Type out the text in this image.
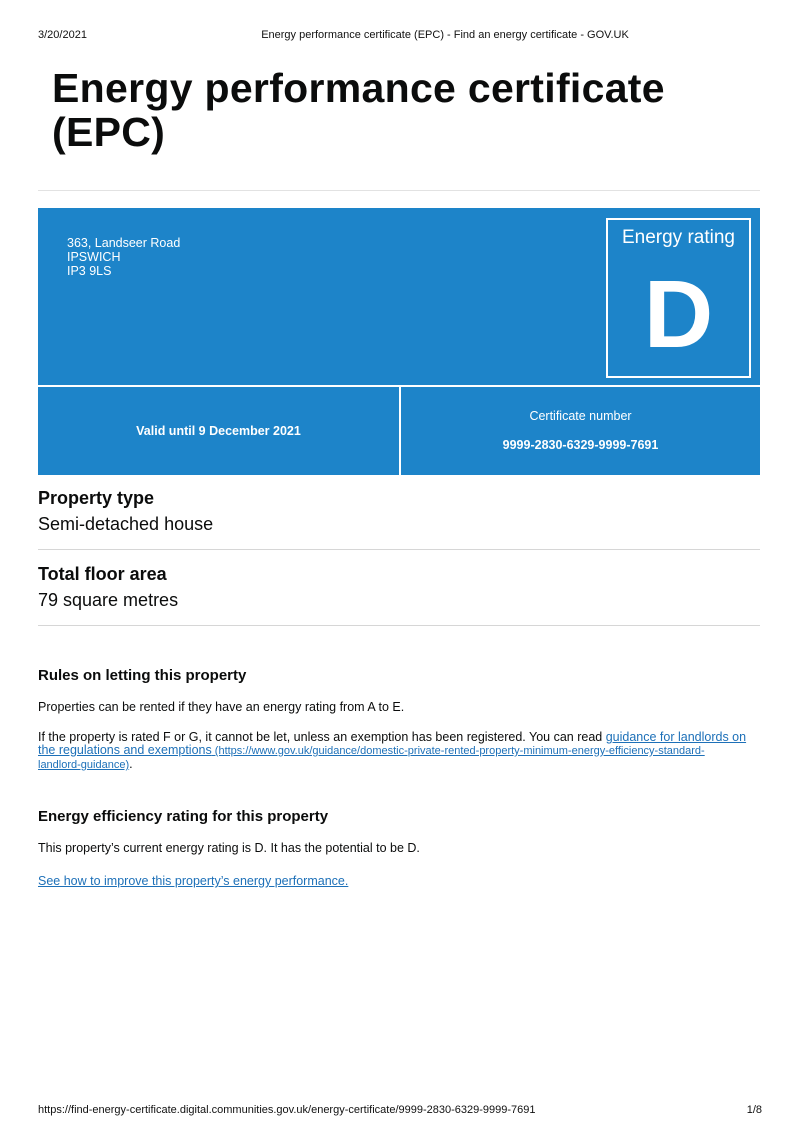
3/20/2021	Energy performance certificate (EPC) - Find an energy certificate - GOV.UK
Energy performance certificate
(EPC)
363, Landseer Road
IPSWICH
IP3 9LS
Energy rating
D
Valid until 9 December 2021
Certificate number
9999-2830-6329-9999-7691
Property type
Semi-detached house
Total floor area
79 square metres
Rules on letting this property
Properties can be rented if they have an energy rating from A to E.
If the property is rated F or G, it cannot be let, unless an exemption has been registered. You can read guidance for landlords on
the regulations and exemptions (https://www.gov.uk/guidance/domestic-private-rented-property-minimum-energy-efficiency-standard-
landlord-guidance).
Energy efficiency rating for this property
This property’s current energy rating is D. It has the potential to be D.
See how to improve this property’s energy performance.
https://find-energy-certificate.digital.communities.gov.uk/energy-certificate/9999-2830-6329-9999-7691	1/8
